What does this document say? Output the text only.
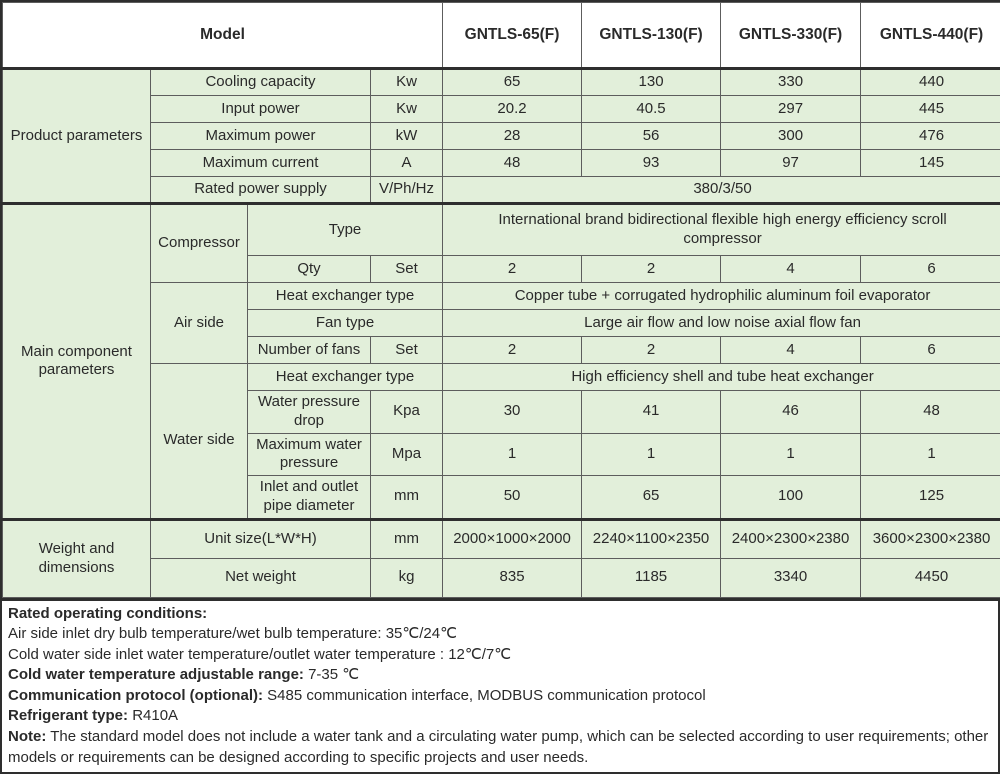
Model				GNTLS-65(F)	GNTLS-130(F)	GNTLS-330(F)	GNTLS-440(F)
Product parameters	Cooling capacity		Kw	65	130	330	440
	Input power		Kw	20.2	40.5	297	445
	Maximum power		kW	28	56	300	476
	Maximum current		A	48	93	97	145
	Rated power supply		V/Ph/Hz	380/3/50			
Main component parameters	Compressor	Type		International brand bidirectional flexible high energy efficiency scroll compressor			
		Qty	Set	2	2	4	6
	Air side	Heat exchanger type		Copper tube + corrugated hydrophilic aluminum foil evaporator			
		Fan type		Large air flow and low noise axial flow fan			
		Number of fans	Set	2	2	4	6
	Water side	Heat exchanger type		High efficiency shell and tube heat exchanger			
		Water pressure drop	Kpa	30	41	46	48
		Maximum water pressure	Mpa	1	1	1	1
		Inlet and outlet pipe diameter	mm	50	65	100	125
Weight and dimensions	Unit size(L*W*H)		mm	2000×1000×2000	2240×1100×2350	2400×2300×2380	3600×2300×2380
	Net weight		kg	835	1185	3340	4450
Rated operating conditions:
Air side inlet dry bulb temperature/wet bulb temperature: 35℃/24℃
Cold water side inlet water temperature/outlet water temperature : 12℃/7℃
Cold water temperature adjustable range: 7-35 ℃
Communication protocol (optional): S485 communication interface, MODBUS communication protocol
Refrigerant type: R410A
Note: The standard model does not include a water tank and a circulating water pump, which can be selected according to user requirements; other models or requirements can be designed according to specific projects and user needs.
